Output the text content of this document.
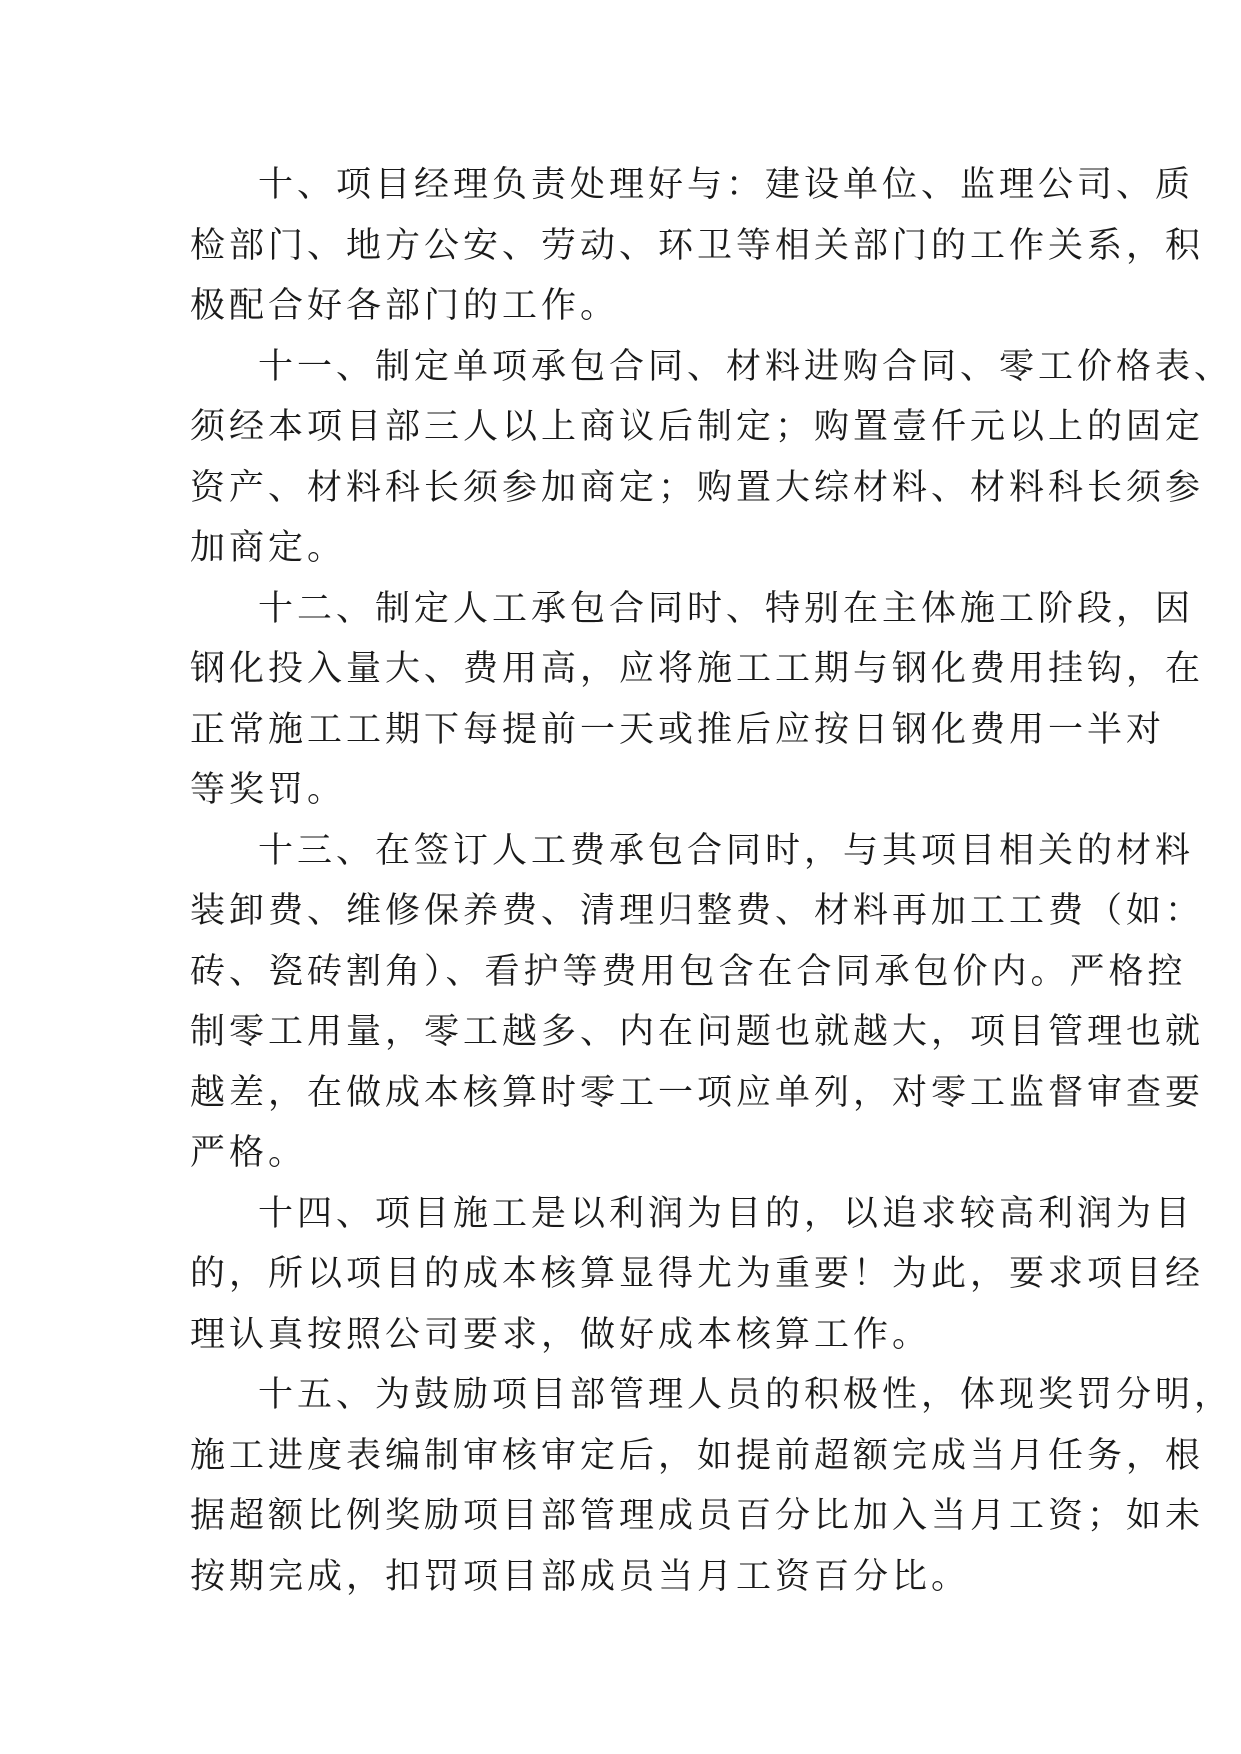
十、项目经理负责处理好与：建设单位、监理公司、质
检部门、地方公安、劳动、环卫等相关部门的工作关系，积
极配合好各部门的工作。
十一、制定单项承包合同、材料进购合同、零工价格表、
须经本项目部三人以上商议后制定；购置壹仟元以上的固定
资产、材料科长须参加商定；购置大综材料、材料科长须参
加商定。
十二、制定人工承包合同时、特别在主体施工阶段，因
钢化投入量大、费用高，应将施工工期与钢化费用挂钩，在
正常施工工期下每提前一天或推后应按日钢化费用一半对
等奖罚。
十三、在签订人工费承包合同时，与其项目相关的材料
装卸费、维修保养费、清理归整费、材料再加工工费（如：
砖、瓷砖割角）、看护等费用包含在合同承包价内。严格控
制零工用量，零工越多、内在问题也就越大，项目管理也就
越差，在做成本核算时零工一项应单列，对零工监督审查要
严格。
十四、项目施工是以利润为目的，以追求较高利润为目
的，所以项目的成本核算显得尤为重要！为此，要求项目经
理认真按照公司要求，做好成本核算工作。
十五、为鼓励项目部管理人员的积极性，体现奖罚分明，
施工进度表编制审核审定后，如提前超额完成当月任务，根
据超额比例奖励项目部管理成员百分比加入当月工资；如未
按期完成，扣罚项目部成员当月工资百分比。
